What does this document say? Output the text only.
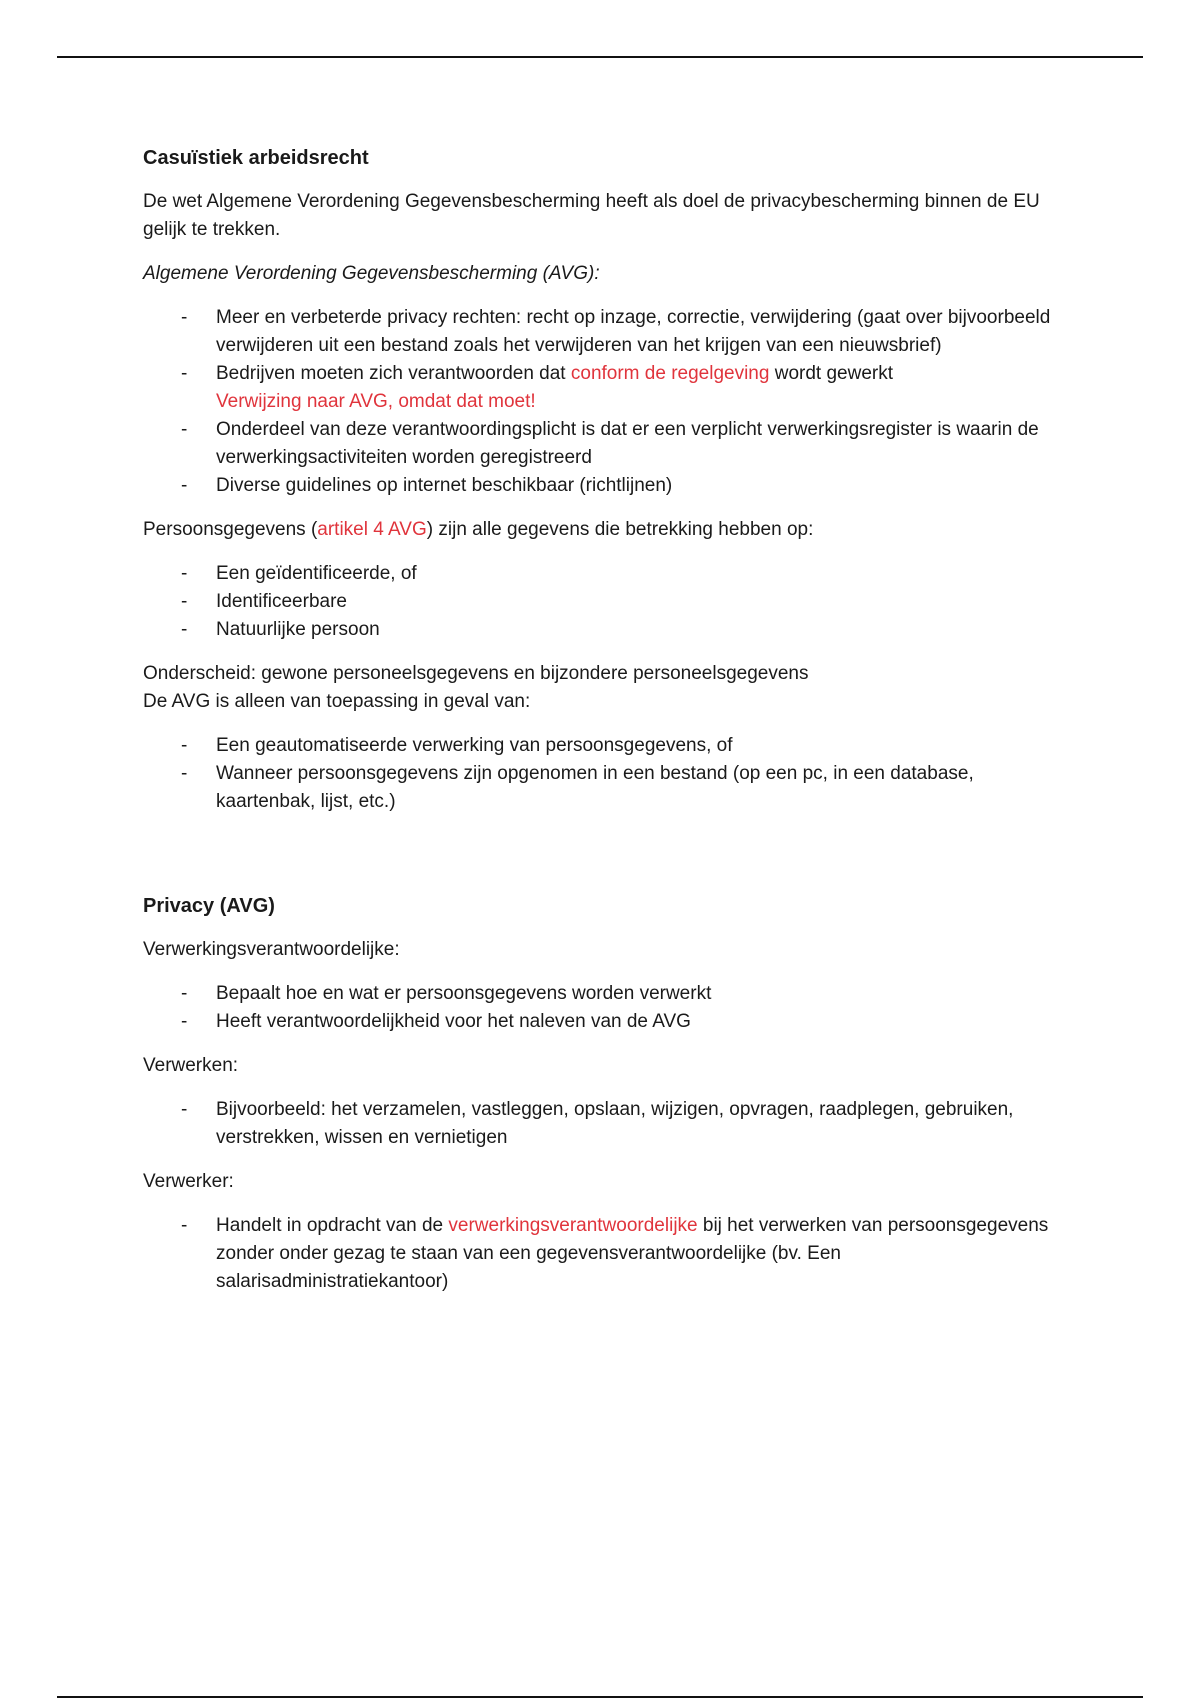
Casuïstiek arbeidsrecht

De wet Algemene Verordening Gegevensbescherming heeft als doel de privacybescherming binnen de EU gelijk te trekken.

Algemene Verordening Gegevensbescherming (AVG):

- Meer en verbeterde privacy rechten: recht op inzage, correctie, verwijdering (gaat over bijvoorbeeld verwijderen uit een bestand zoals het verwijderen van het krijgen van een nieuwsbrief)
- Bedrijven moeten zich verantwoorden dat conform de regelgeving wordt gewerkt
Verwijzing naar AVG, omdat dat moet!
- Onderdeel van deze verantwoordingsplicht is dat er een verplicht verwerkingsregister is waarin de verwerkingsactiviteiten worden geregistreerd
- Diverse guidelines op internet beschikbaar (richtlijnen)

Persoonsgegevens (artikel 4 AVG) zijn alle gegevens die betrekking hebben op:

- Een geïdentificeerde, of
- Identificeerbare
- Natuurlijke persoon

Onderscheid: gewone personeelsgegevens en bijzondere personeelsgegevens
De AVG is alleen van toepassing in geval van:

- Een geautomatiseerde verwerking van persoonsgegevens, of
- Wanneer persoonsgegevens zijn opgenomen in een bestand (op een pc, in een database, kaartenbak, lijst, etc.)
Privacy (AVG)

Verwerkingsverantwoordelijke:

- Bepaalt hoe en wat er persoonsgegevens worden verwerkt
- Heeft verantwoordelijkheid voor het naleven van de AVG

Verwerken:

- Bijvoorbeeld: het verzamelen, vastleggen, opslaan, wijzigen, opvragen, raadplegen, gebruiken, verstrekken, wissen en vernietigen

Verwerker:

- Handelt in opdracht van de verwerkingsverantwoordelijke bij het verwerken van persoonsgegevens zonder onder gezag te staan van een gegevensverantwoordelijke (bv. Een salarisadministratiekantoor)
